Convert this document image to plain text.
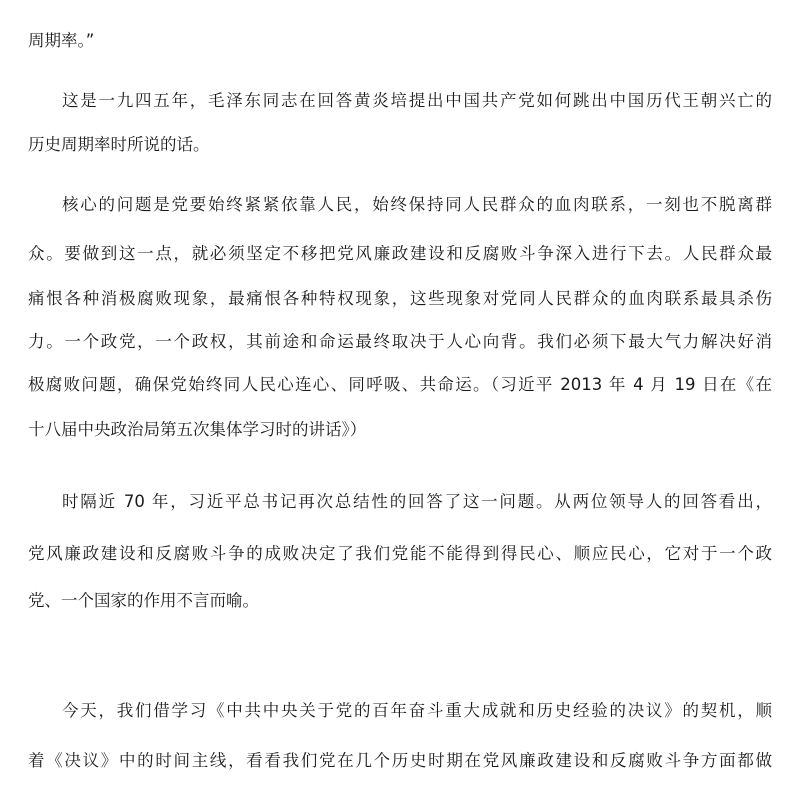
周期率。”
这是一九四五年，毛泽东同志在回答黄炎培提出中国共产党如何跳出中国历代王朝兴亡的
历史周期率时所说的话。
核心的问题是党要始终紧紧依靠人民，始终保持同人民群众的血肉联系，一刻也不脱离群
众。要做到这一点，就必须坚定不移把党风廉政建设和反腐败斗争深入进行下去。人民群众最
痛恨各种消极腐败现象，最痛恨各种特权现象，这些现象对党同人民群众的血肉联系最具杀伤
力。一个政党，一个政权，其前途和命运最终取决于人心向背。我们必须下最大气力解决好消
极腐败问题，确保党始终同人民心连心、同呼吸、共命运。（习近平 2013 年 4 月 19 日在《在
十八届中央政治局第五次集体学习时的讲话》）
时隔近 70 年，习近平总书记再次总结性的回答了这一问题。从两位领导人的回答看出，
党风廉政建设和反腐败斗争的成败决定了我们党能不能得到得民心、顺应民心，它对于一个政
党、一个国家的作用不言而喻。
今天，我们借学习《中共中央关于党的百年奋斗重大成就和历史经验的决议》的契机，顺
着《决议》中的时间主线，看看我们党在几个历史时期在党风廉政建设和反腐败斗争方面都做
